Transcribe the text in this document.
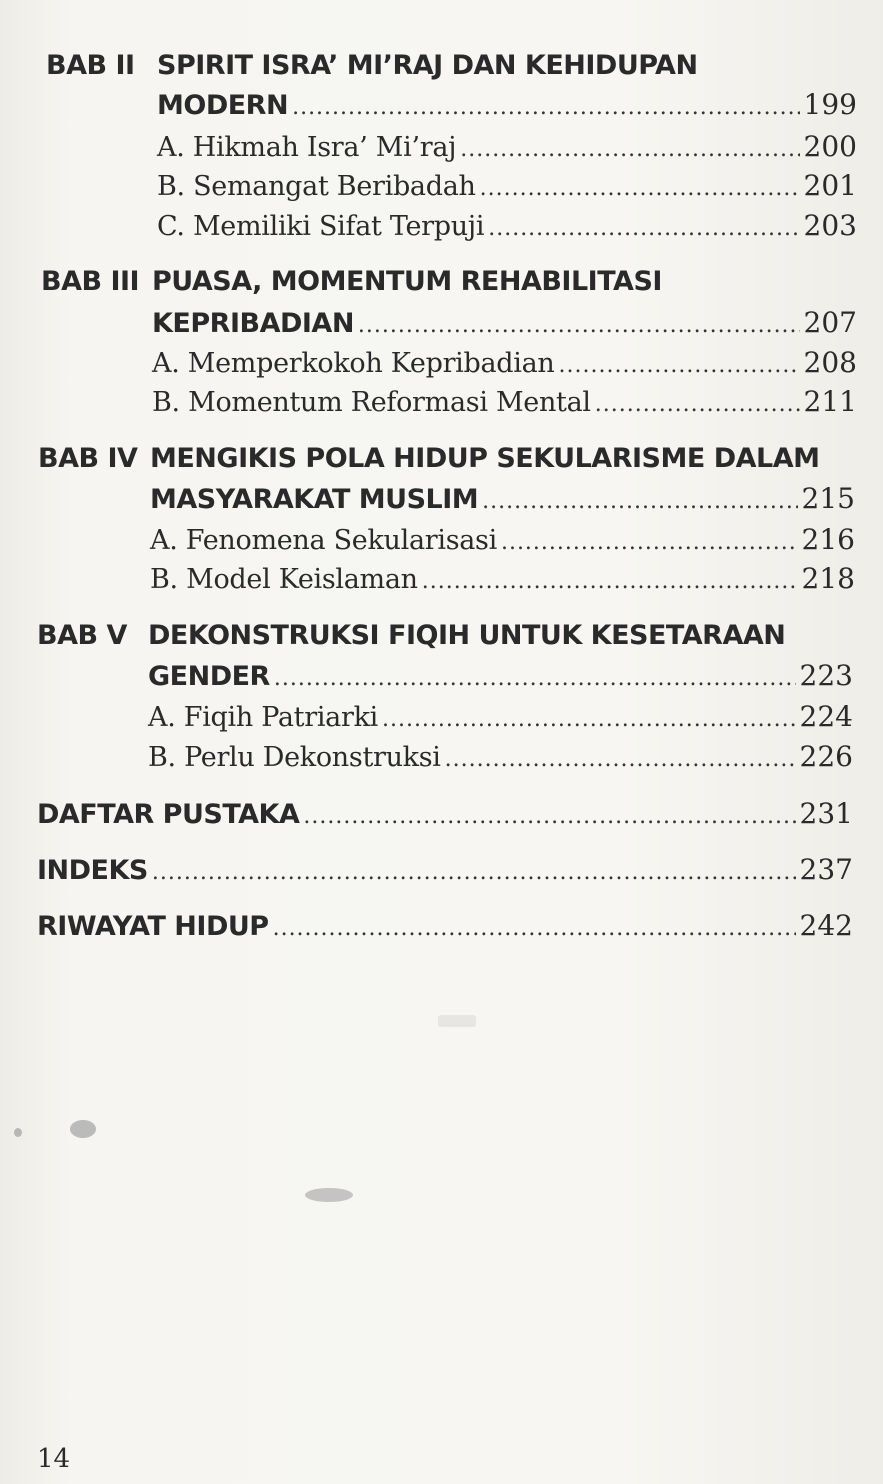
BAB II SPIRIT ISRA’ MI’RAJ DAN KEHIDUPAN
MODERN .....	199
A. Hikmah Isra’ Mi’raj .....	200
B. Semangat Beribadah .....	201
C. Memiliki Sifat Terpuji .....	203
BAB III PUASA, MOMENTUM REHABILITASI
KEPRIBADIAN .....	207
A. Memperkokoh Kepribadian .....	208
B. Momentum Reformasi Mental .....	211
BAB IV MENGIKIS POLA HIDUP SEKULARISME DALAM
MASYARAKAT MUSLIM .....	215
A. Fenomena Sekularisasi .....	216
B. Model Keislaman .....	218
BAB V DEKONSTRUKSI FIQIH UNTUK KESETARAAN
GENDER .....	223
A. Fiqih Patriarki .....	224
B. Perlu Dekonstruksi .....	226
DAFTAR PUSTAKA .....	231
INDEKS .....	237
RIWAYAT HIDUP .....	242
14
